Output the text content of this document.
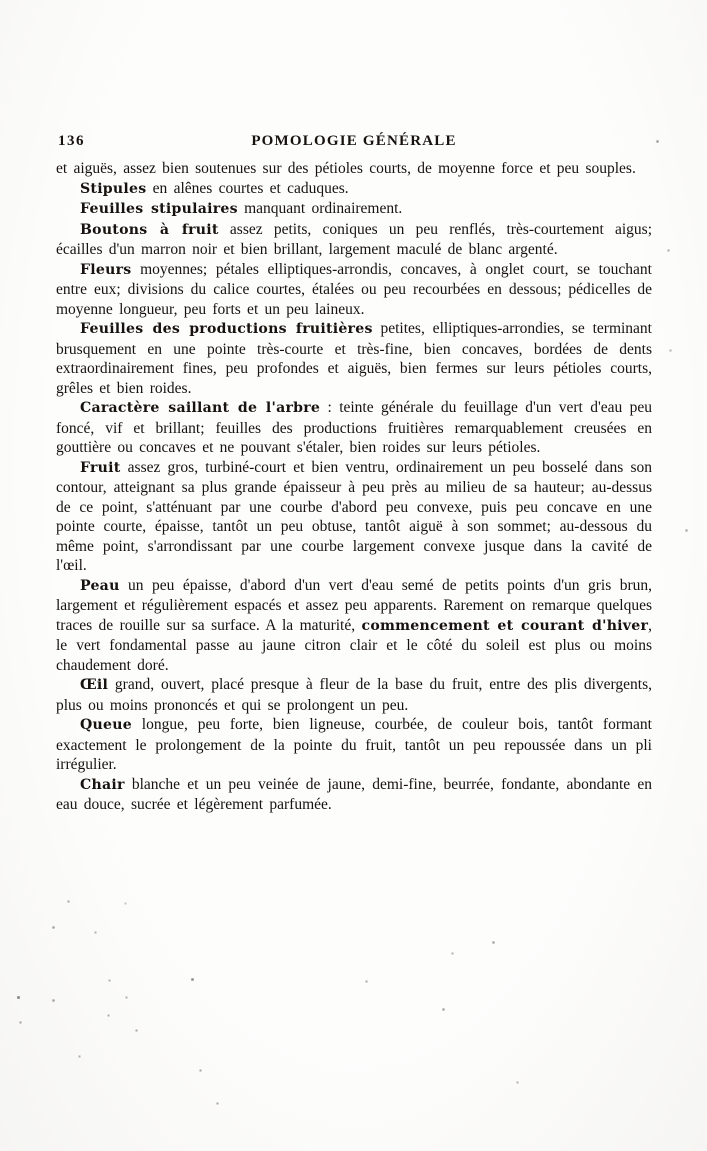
136	POMOLOGIE GÉNÉRALE

et aiguës, assez bien soutenues sur des pétioles courts, de moyenne force et peu souples.

Stipules en alênes courtes et caduques.

Feuilles stipulaires manquant ordinairement.

Boutons à fruit assez petits, coniques un peu renflés, très-courtement aigus; écailles d'un marron noir et bien brillant, largement maculé de blanc argenté.

Fleurs moyennes; pétales elliptiques-arrondis, concaves, à onglet court, se touchant entre eux; divisions du calice courtes, étalées ou peu recourbées en dessous; pédicelles de moyenne longueur, peu forts et un peu laineux.

Feuilles des productions fruitières petites, elliptiques-arrondies, se terminant brusquement en une pointe très-courte et très-fine, bien concaves, bordées de dents extraordinairement fines, peu profondes et aiguës, bien fermes sur leurs pétioles courts, grêles et bien roides.

Caractère saillant de l'arbre : teinte générale du feuillage d'un vert d'eau peu foncé, vif et brillant; feuilles des productions fruitières remarquablement creusées en gouttière ou concaves et ne pouvant s'étaler, bien roides sur leurs pétioles.

Fruit assez gros, turbiné-court et bien ventru, ordinairement un peu bosselé dans son contour, atteignant sa plus grande épaisseur à peu près au milieu de sa hauteur; au-dessus de ce point, s'atténuant par une courbe d'abord peu convexe, puis peu concave en une pointe courte, épaisse, tantôt un peu obtuse, tantôt aiguë à son sommet; au-dessous du même point, s'arrondissant par une courbe largement convexe jusque dans la cavité de l'œil.

Peau un peu épaisse, d'abord d'un vert d'eau semé de petits points d'un gris brun, largement et régulièrement espacés et assez peu apparents. Rarement on remarque quelques traces de rouille sur sa surface. A la maturité, commencement et courant d'hiver, le vert fondamental passe au jaune citron clair et le côté du soleil est plus ou moins chaudement doré.

Œil grand, ouvert, placé presque à fleur de la base du fruit, entre des plis divergents, plus ou moins prononcés et qui se prolongent un peu.

Queue longue, peu forte, bien ligneuse, courbée, de couleur bois, tantôt formant exactement le prolongement de la pointe du fruit, tantôt un peu repoussée dans un pli irrégulier.

Chair blanche et un peu veinée de jaune, demi-fine, beurrée, fondante, abondante en eau douce, sucrée et légèrement parfumée.
